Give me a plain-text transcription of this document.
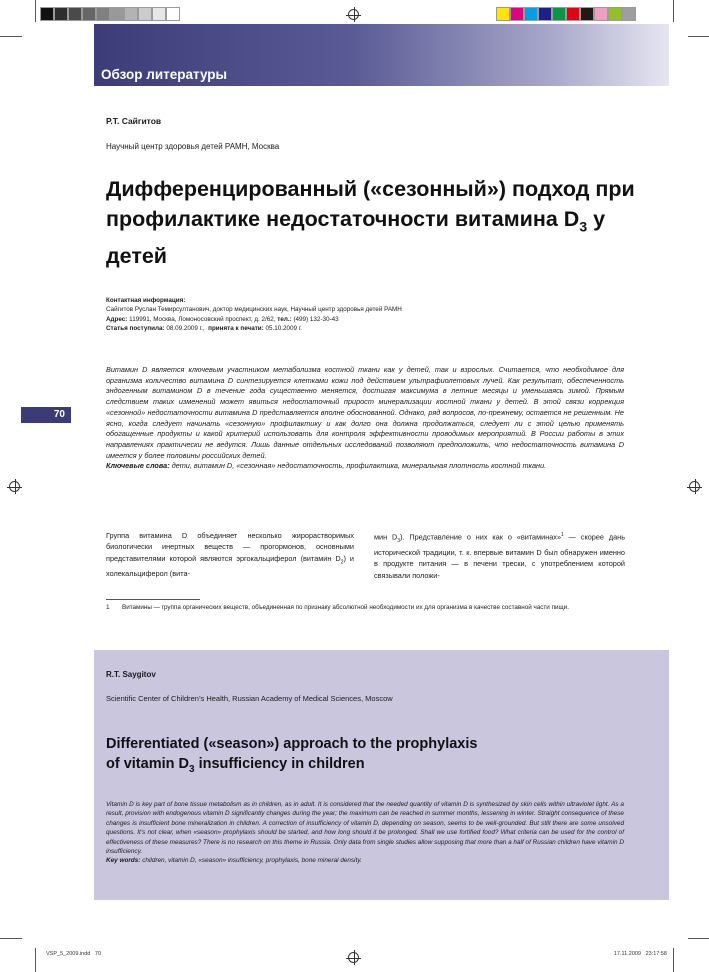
Обзор литературы
70
Р.Т. Сайгитов
Научный центр здоровья детей РАМН, Москва
Дифференцированный («сезонный») подход при профилактике недостаточности витамина $D_3$ у детей
Контактная информация:
Сайгитов Руслан Темирсултанович, доктор медицинских наук, Научный центр здоровья детей РАМН
Адрес: 119991, Москва, Ломоносовский проспект, д. 2/62, тел.: (499) 132-30-43
Статья поступила: 08.09.2009 г.,  принята к печати: 05.10.2009 г.
Витамин D является ключевым участником метаболизма костной ткани как у детей, так и взрослых. Считается, что необходимое для организма количество витамина D синтезируется клетками кожи под действием ультрафиолетовых лучей. Как результат, обеспеченность эндогенным витамином D в течение года существенно меняется, достигая максимума в летние месяцы и уменьшаясь зимой. Прямым следствием таких изменений может явиться недостаточный прирост минерализации костной ткани у детей. В этой связи коррекция «сезонной» недостаточности витамина D представляется вполне обоснованной. Однако, ряд вопросов, по-прежнему, остается не решенным. Не ясно, когда следует начинать «сезонную» профилактику и как долго она должна продолжаться, следует ли с этой целью применять обогащенные продукты и какой критерий использовать для контроля эффективности проводимых мероприятий. В России работы в этих направлениях практически не ведутся. Лишь данные отдельных исследований позволяют предположить, что недостаточность витамина D имеется у более половины российских детей.
Ключевые слова: дети, витамин D, «сезонная» недостаточность, профилактика, минеральная плотность костной ткани.
Группа витамина D объединяет несколько жирорастворимых биологически инертных веществ — прогормонов, основными представителями которой являются эргокальциферол (витамин $D_2$) и холекальциферол (вита-
мин $D_3$). Представление о них как о «витаминах»$^1$ — скорее дань исторической традиции, т. к. впервые витамин D был обнаружен именно в продукте питания — в печени трески, с употреблением которой связывали положи-
1 Витамины — группа органических веществ, объединенная по признаку абсолютной необходимости их для организма в качестве составной части пищи.
R.T. Saygitov
Scientific Center of Children’s Health, Russian Academy of Medical Sciences, Moscow
Differentiated («season») approach to the prophylaxis
of vitamin $D_3$ insufficiency in children
Vitamin D is key part of bone tissue metabolism as in children, as in adult. It is considered that the needed quantity of vitamin D is synthesized by skin cells within ultraviolet light. As a result, provision with endogenous vitamin D significantly changes during the year; the maximum can be reached in summer months, lessening in winter. Straight consequence of these changes is insufficient bone mineralization in children. A correction of insufficiency of vitamin D, depending on season, seems to be well-grounded. But still there are some unsolved questions. It’s not clear, when «season» prophylaxis should be started, and how long should it be prolonged. Shall we use fortified food? What criteria can be used for the control of effectiveness of these measures? There is no research on this theme in Russia. Only data from single studies allow supposing that more than a half of Russian children have vitamin D insufficiency.
Key words: children, vitamin D, «season» insufficiency, prophylaxis, bone mineral density.
VSP_5_2009.indd   70	17.11.2009   23:17:58
